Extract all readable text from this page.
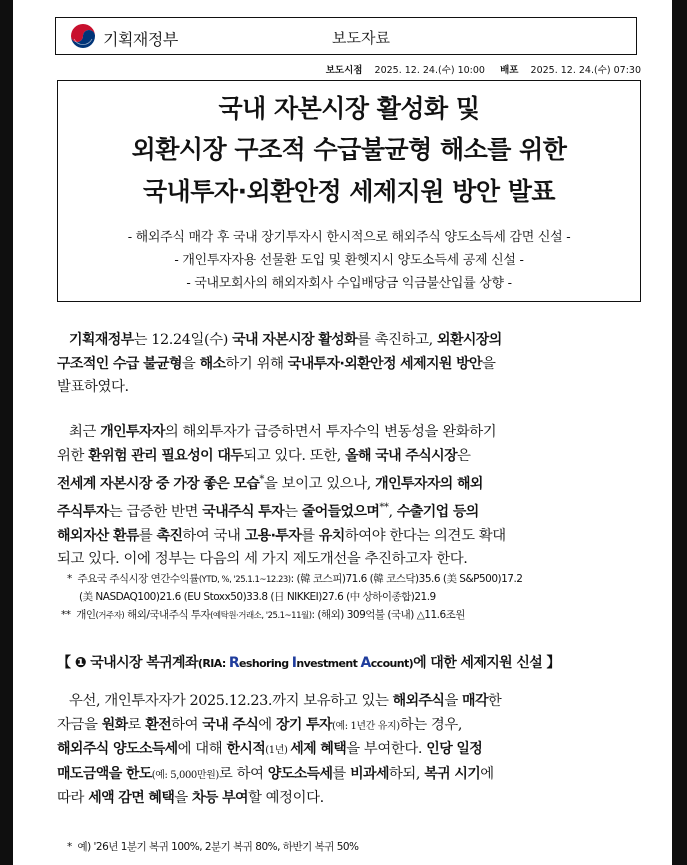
기획재정부	보도자료
보도시점 2025. 12. 24.(수) 10:00 배포 2025. 12. 24.(수) 07:30
국내 자본시장 활성화 및
외환시장 구조적 수급불균형 해소를 위한
국내투자·외환안정 세제지원 방안 발표
- 해외주식 매각 후 국내 장기투자시 한시적으로 해외주식 양도소득세 감면 신설 -
- 개인투자자용 선물환 도입 및 환헷지시 양도소득세 공제 신설 -
- 국내모회사의 해외자회사 수입배당금 익금불산입률 상향 -
기획재정부는 12.24일(수) 국내 자본시장 활성화를 촉진하고, 외환시장의
구조적인 수급 불균형을 해소하기 위해 국내투자·외환안정 세제지원 방안을
발표하였다.
최근 개인투자자의 해외투자가 급증하면서 투자수익 변동성을 완화하기
위한 환위험 관리 필요성이 대두되고 있다. 또한, 올해 국내 주식시장은
전세계 자본시장 중 가장 좋은 모습*을 보이고 있으나, 개인투자자의 해외
주식투자는 급증한 반면 국내주식 투자는 줄어들었으며**, 수출기업 등의
해외자산 환류를 촉진하여 국내 고용·투자를 유치하여야 한다는 의견도 확대
되고 있다. 이에 정부는 다음의 세 가지 제도개선을 추진하고자 한다.
* 주요국 주식시장 연간수익률(YTD, %, '25.1.1~12.23): (韓 코스피)71.6 (韓 코스닥)35.6 (美 S&P500)17.2
(美 NASDAQ100)21.6 (EU Stoxx50)33.8 (日 NIKKEI)27.6 (中 상하이종합)21.9
** 개인(거주자) 해외/국내주식 투자(예탁원·거래소, '25.1~11월): (해외) 309억불 (국내) △11.6조원
【 ❶ 국내시장 복귀계좌(RIA: Reshoring Investment Account)에 대한 세제지원 신설 】
우선, 개인투자자가 2025.12.23.까지 보유하고 있는 해외주식을 매각한
자금을 원화로 환전하여 국내 주식에 장기 투자(예: 1년간 유지)하는 경우,
해외주식 양도소득세에 대해 한시적(1년) 세제 혜택을 부여한다. 인당 일정
매도금액을 한도(예: 5,000만원)로 하여 양도소득세를 비과세하되, 복귀 시기에
따라 세액 감면 혜택을 차등 부여할 예정이다.
* 예) '26년 1분기 복귀 100%, 2분기 복귀 80%, 하반기 복귀 50%
